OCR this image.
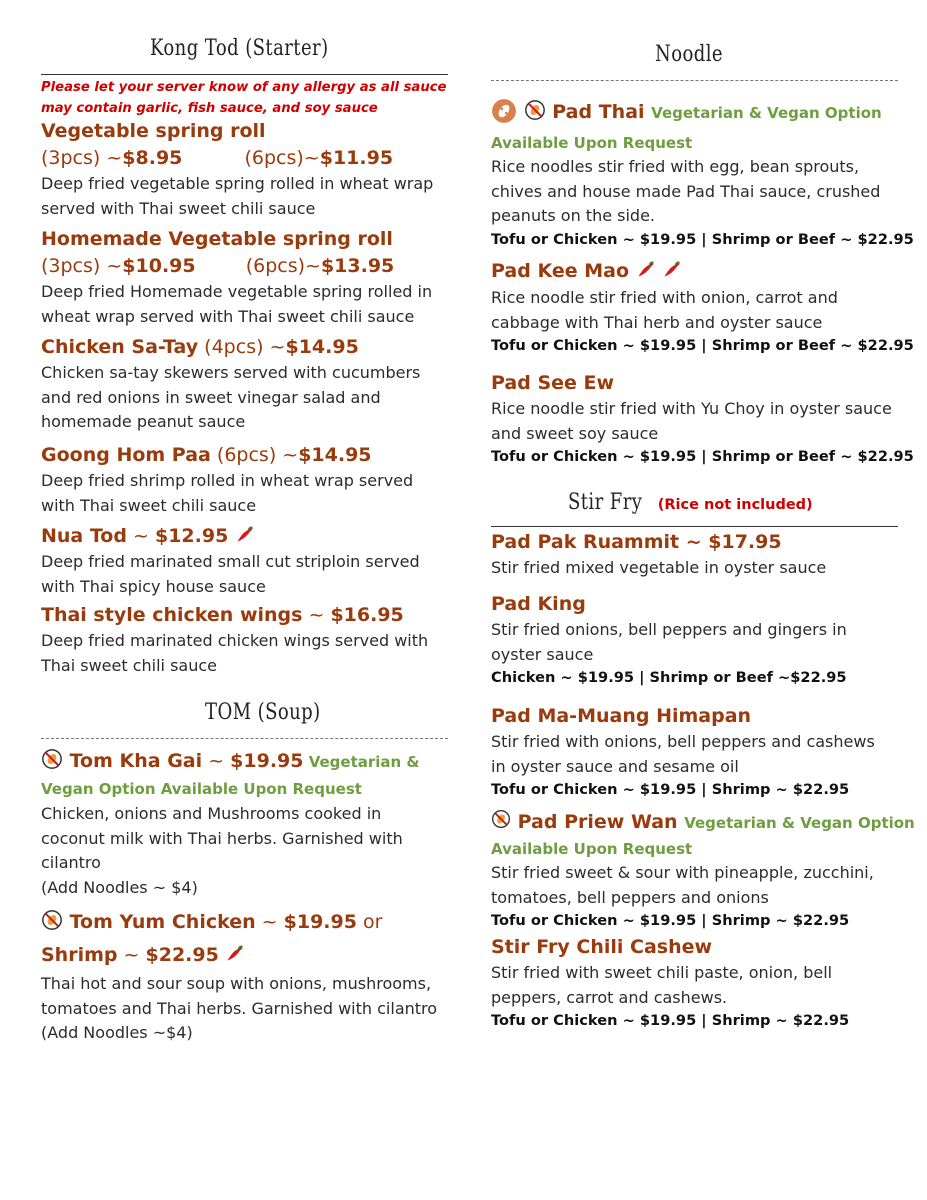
Kong Tod (Starter)
Please let your server know of any allergy as all sauce may contain garlic, fish sauce, and soy sauce
Vegetable spring roll
(3pcs) ~$8.95	(6pcs)~$11.95
Deep fried vegetable spring rolled in wheat wrap served with Thai sweet chili sauce
Homemade Vegetable spring roll
(3pcs) ~$10.95	(6pcs)~$13.95
Deep fried Homemade vegetable spring rolled in wheat wrap served with Thai sweet chili sauce
Chicken Sa-Tay (4pcs) ~$14.95
Chicken sa-tay skewers served with cucumbers and red onions in sweet vinegar salad and homemade peanut sauce
Goong Hom Paa (6pcs) ~$14.95
Deep fried shrimp rolled in wheat wrap served with Thai sweet chili sauce
Nua Tod ~ $12.95
Deep fried marinated small cut striploin served with Thai spicy house sauce
Thai style chicken wings ~ $16.95
Deep fried marinated chicken wings served with Thai sweet chili sauce
TOM (Soup)
Tom Kha Gai ~ $19.95 Vegetarian & Vegan Option Available Upon Request
Chicken, onions and Mushrooms cooked in coconut milk with Thai herbs. Garnished with cilantro
(Add Noodles ~ $4)
Tom Yum Chicken ~ $19.95 or
Shrimp ~ $22.95
Thai hot and sour soup with onions, mushrooms, tomatoes and Thai herbs. Garnished with cilantro
(Add Noodles ~$4)
Noodle
Pad Thai Vegetarian & Vegan Option
Available Upon Request
Rice noodles stir fried with egg, bean sprouts, chives and house made Pad Thai sauce, crushed peanuts on the side.
Tofu or Chicken ~ $19.95 | Shrimp or Beef ~ $22.95
Pad Kee Mao
Rice noodle stir fried with onion, carrot and cabbage with Thai herb and oyster sauce
Tofu or Chicken ~ $19.95 | Shrimp or Beef ~ $22.95
Pad See Ew
Rice noodle stir fried with Yu Choy in oyster sauce and sweet soy sauce
Tofu or Chicken ~ $19.95 | Shrimp or Beef ~ $22.95
Stir Fry (Rice not included)
Pad Pak Ruammit ~ $17.95
Stir fried mixed vegetable in oyster sauce
Pad King
Stir fried onions, bell peppers and gingers in oyster sauce
Chicken ~ $19.95 | Shrimp or Beef ~$22.95
Pad Ma-Muang Himapan
Stir fried with onions, bell peppers and cashews in oyster sauce and sesame oil
Tofu or Chicken ~ $19.95 | Shrimp ~ $22.95
Pad Priew Wan Vegetarian & Vegan Option
Available Upon Request
Stir fried sweet & sour with pineapple, zucchini, tomatoes, bell peppers and onions
Tofu or Chicken ~ $19.95 | Shrimp ~ $22.95
Stir Fry Chili Cashew
Stir fried with sweet chili paste, onion, bell peppers, carrot and cashews.
Tofu or Chicken ~ $19.95 | Shrimp ~ $22.95
